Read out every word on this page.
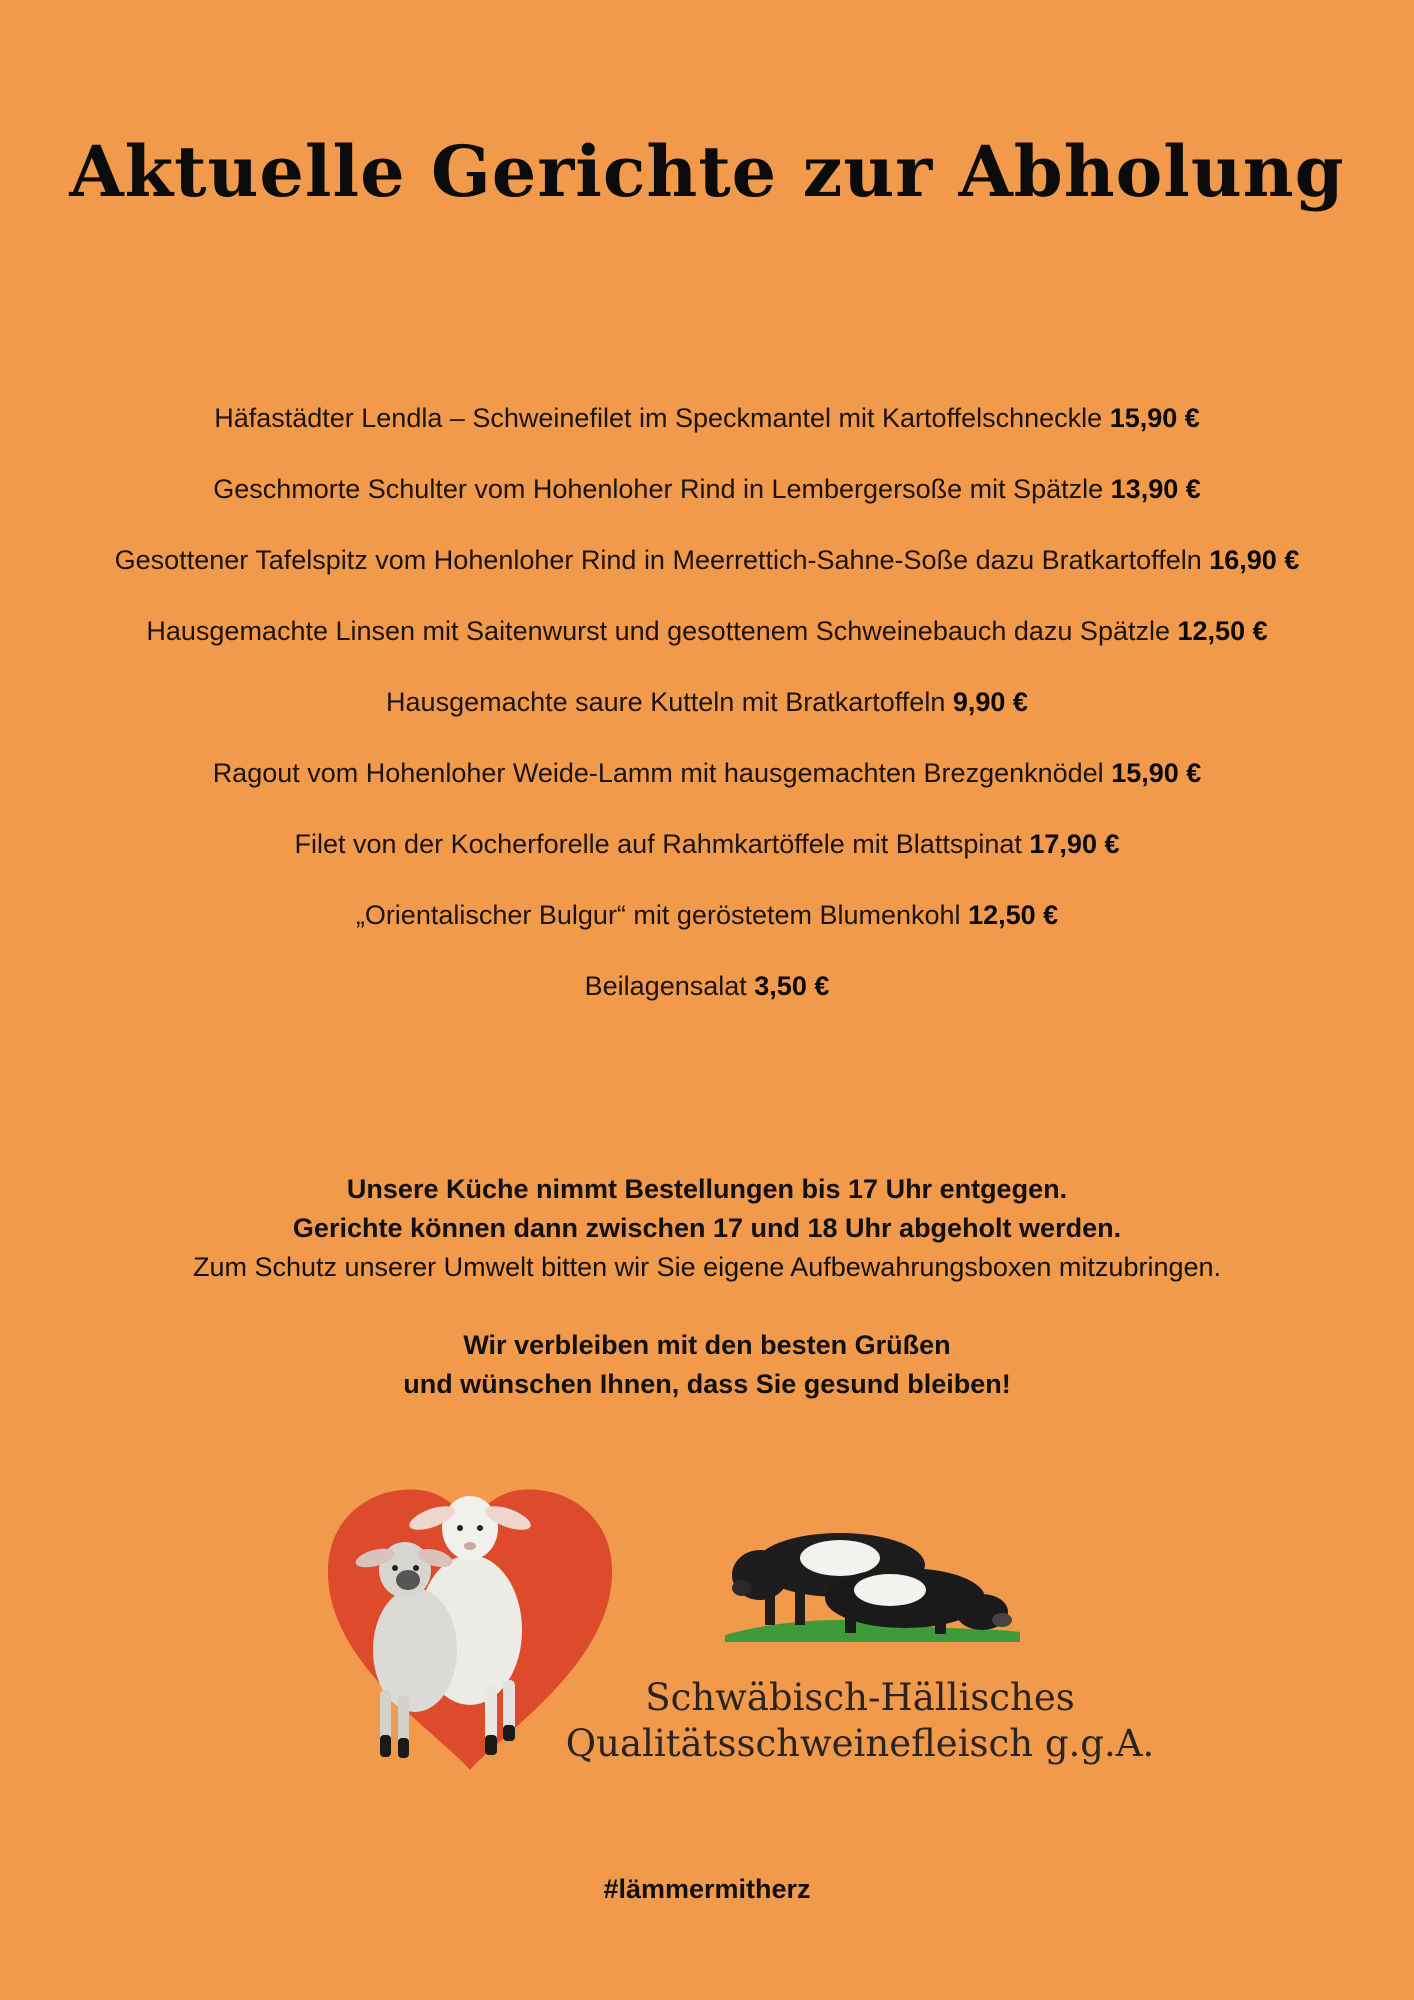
Aktuelle Gerichte zur Abholung
Häfastädter Lendla – Schweinefilet im Speckmantel mit Kartoffelschneckle 15,90 €
Geschmorte Schulter vom Hohenloher Rind in Lembergersoße mit Spätzle 13,90 €
Gesottener Tafelspitz vom Hohenloher Rind in Meerrettich-Sahne-Soße dazu Bratkartoffeln 16,90 €
Hausgemachte Linsen mit Saitenwurst und gesottenem Schweinebauch dazu Spätzle 12,50 €
Hausgemachte saure Kutteln mit Bratkartoffeln 9,90 €
Ragout vom Hohenloher Weide-Lamm mit hausgemachten Brezgenknödel 15,90 €
Filet von der Kocherforelle auf Rahmkartöffele mit Blattspinat 17,90 €
„Orientalischer Bulgur“ mit geröstetem Blumenkohl 12,50 €
Beilagensalat 3,50 €
Unsere Küche nimmt Bestellungen bis 17 Uhr entgegen.
Gerichte können dann zwischen 17 und 18 Uhr abgeholt werden.
Zum Schutz unserer Umwelt bitten wir Sie eigene Aufbewahrungsboxen mitzubringen.
Wir verbleiben mit den besten Grüßen
und wünschen Ihnen, dass Sie gesund bleiben!
Schwäbisch-Hällisches
Qualitätsschweinefleisch g.g.A.
#lämmermitherz
